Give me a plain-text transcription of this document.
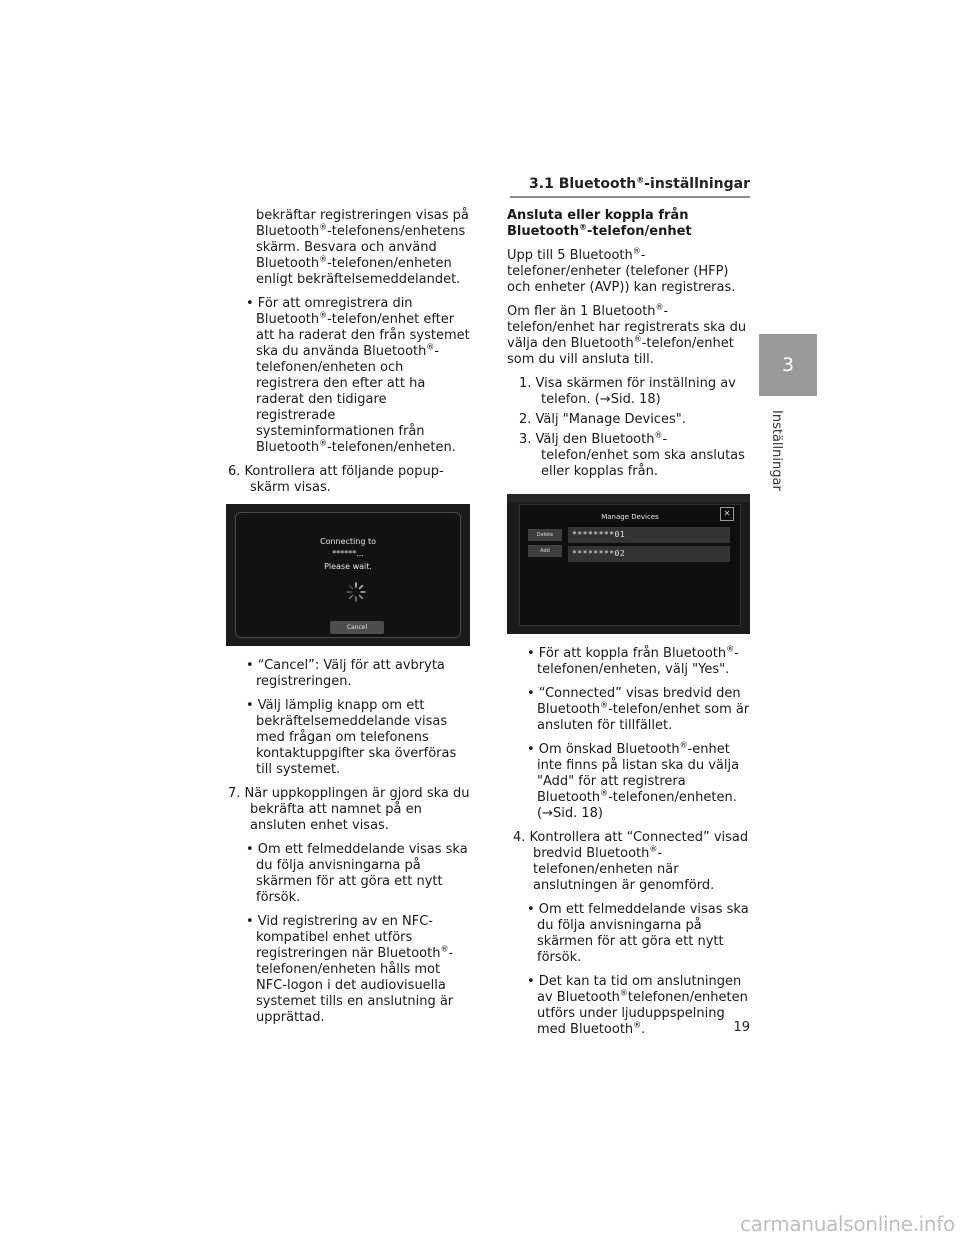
3.1 Bluetooth®-inställningar
3
Inställningar
bekräftar registreringen visas på Bluetooth®-telefonens/enhetens skärm. Besvara och använd Bluetooth®-telefonen/enheten enligt bekräftelsemeddelandet.
• För att omregistrera din Bluetooth®-telefon/enhet efter att ha raderat den från systemet ska du använda Bluetooth®-telefonen/enheten och registrera den efter att ha raderat den tidigare registrerade systeminformationen från Bluetooth®-telefonen/enheten.
6. Kontrollera att följande popup-skärm visas.
Connecting to
******...
Please wait.
Cancel
• “Cancel”: Välj för att avbryta registreringen.
• Välj lämplig knapp om ett bekräftelsemeddelande visas med frågan om telefonens kontaktuppgifter ska överföras till systemet.
7. När uppkopplingen är gjord ska du bekräfta att namnet på en ansluten enhet visas.
• Om ett felmeddelande visas ska du följa anvisningarna på skärmen för att göra ett nytt försök.
• Vid registrering av en NFC-kompatibel enhet utförs registreringen när Bluetooth®-telefonen/enheten hålls mot NFC-logon i det audiovisuella systemet tills en anslutning är upprättad.
Ansluta eller koppla från Bluetooth®-telefon/enhet
Upp till 5 Bluetooth®-telefoner/enheter (telefoner (HFP) och enheter (AVP)) kan registreras.
Om fler än 1 Bluetooth®-telefon/enhet har registrerats ska du välja den Bluetooth®-telefon/enhet som du vill ansluta till.
1. Visa skärmen för inställning av telefon. (→Sid. 18)
2. Välj "Manage Devices".
3. Välj den Bluetooth®-telefon/enhet som ska anslutas eller kopplas från.
Manage Devices	✕
Delete
Add
********01
********02
• För att koppla från Bluetooth®-telefonen/enheten, välj "Yes".
• “Connected” visas bredvid den Bluetooth®-telefon/enhet som är ansluten för tillfället.
• Om önskad Bluetooth®-enhet inte finns på listan ska du välja "Add" för att registrera Bluetooth®-telefonen/enheten. (→Sid. 18)
4. Kontrollera att “Connected” visad bredvid Bluetooth®-telefonen/enheten när anslutningen är genomförd.
• Om ett felmeddelande visas ska du följa anvisningarna på skärmen för att göra ett nytt försök.
• Det kan ta tid om anslutningen av Bluetooth®telefonen/enheten utförs under ljuduppspelning med Bluetooth®.	19
carmanualsonline.info
